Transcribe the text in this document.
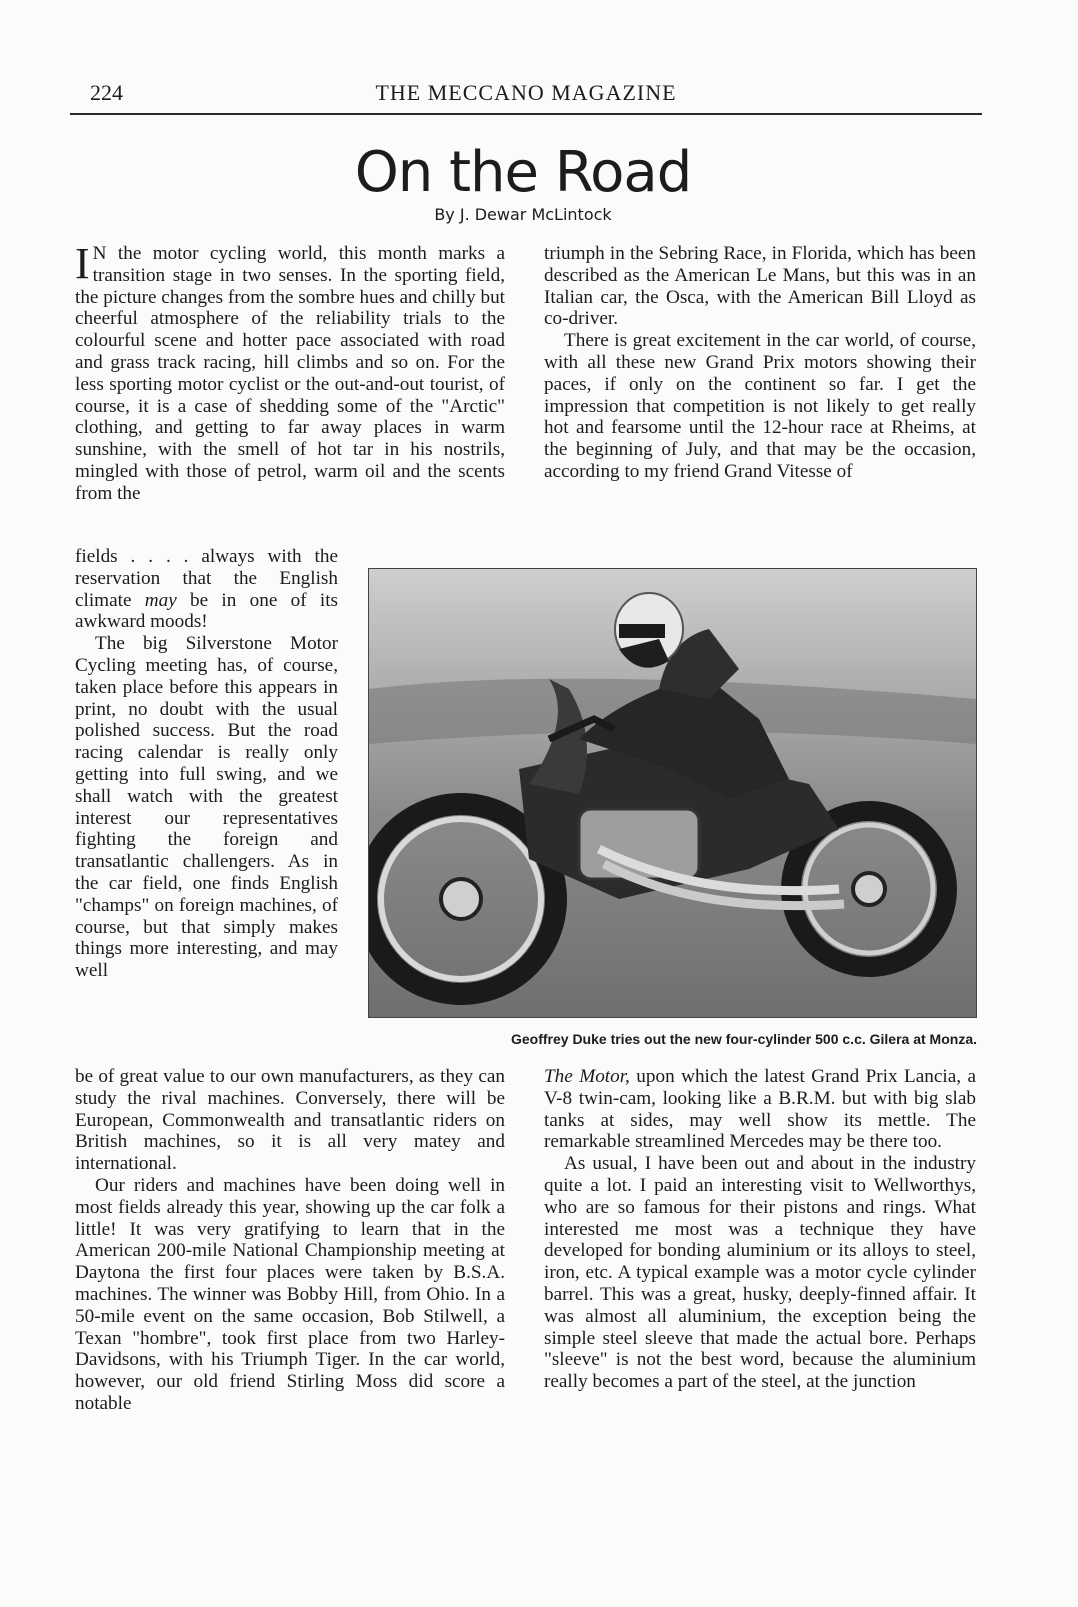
224	THE MECCANO MAGAZINE
On the Road
By J. Dewar McLintock

I N the motor cycling world, this month marks a transition stage in two senses. In the sporting field, the picture changes from the sombre hues and chilly but cheerful atmosphere of the reliability trials to the colourful scene and hotter pace associated with road and grass track racing, hill climbs and so on. For the less sporting motor cyclist or the out-and-out tourist, of course, it is a case of shedding some of the "Arctic" clothing, and getting to far away places in warm sunshine, with the smell of hot tar in his nostrils, mingled with those of petrol, warm oil and the scents from the

fields . . . . always with the reservation that the English climate may be in one of its awkward moods!

The big Silverstone Motor Cycling meeting has, of course, taken place before this appears in print, no doubt with the usual polished success. But the road racing calendar is really only getting into full swing, and we shall watch with the greatest interest our representatives fighting the foreign and transatlantic challengers. As in the car field, one finds English "champs" on foreign machines, of course, but that simply makes things more interesting, and may well

be of great value to our own manufacturers, as they can study the rival machines. Conversely, there will be European, Commonwealth and transatlantic riders on British machines, so it is all very matey and international.

Our riders and machines have been doing well in most fields already this year, showing up the car folk a little! It was very gratifying to learn that in the American 200-mile National Championship meeting at Daytona the first four places were taken by B.S.A. machines. The winner was Bobby Hill, from Ohio. In a 50-mile event on the same occasion, Bob Stilwell, a Texan "hombre", took first place from two Harley-Davidsons, with his Triumph Tiger. In the car world, however, our old friend Stirling Moss did score a notable

triumph in the Sebring Race, in Florida, which has been described as the American Le Mans, but this was in an Italian car, the Osca, with the American Bill Lloyd as co-driver.

There is great excitement in the car world, of course, with all these new Grand Prix motors showing their paces, if only on the continent so far. I get the impression that competition is not likely to get really hot and fearsome until the 12-hour race at Rheims, at the beginning of July, and that may be the occasion, according to my friend Grand Vitesse of

The Motor, upon which the latest Grand Prix Lancia, a V-8 twin-cam, looking like a B.R.M. but with big slab tanks at sides, may well show its mettle. The remarkable streamlined Mercedes may be there too.

As usual, I have been out and about in the industry quite a lot. I paid an interesting visit to Wellworthys, who are so famous for their pistons and rings. What interested me most was a technique they have developed for bonding aluminium or its alloys to steel, iron, etc. A typical example was a motor cycle cylinder barrel. This was a great, husky, deeply-finned affair. It was almost all aluminium, the exception being the simple steel sleeve that made the actual bore. Perhaps "sleeve" is not the best word, because the aluminium really becomes a part of the steel, at the junction

Geoffrey Duke tries out the new four-cylinder 500 c.c. Gilera at Monza.
